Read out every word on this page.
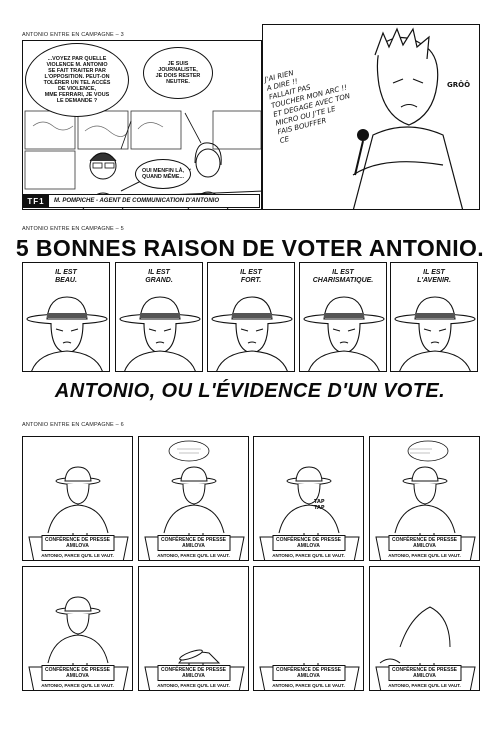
ANTONIO ENTRE EN CAMPAGNE – 3
...VOYEZ PAR QUELLE
VIOLENCE M. ANTONIO
SE FAIT TRAITER PAR
L'OPPOSITION. PEUT-ON
TOLÉRER UN TEL ACCÈS
DE VIOLENCE,
MME FERRARI, JE VOUS
LE DEMANDE ?
JE SUIS
JOURNALISTE,
JE DOIS RESTER
NEUTRE.
OUI MENFIN LÀ,
QUAND MÊME...
TF1	M. POMPICHE - AGENT DE COMMUNICATION D'ANTONIO
J'AI RIEN
A DIRE !!
FALLAIT PAS
TOUCHER MON ARC !!
ET DEGAGE AVEC TON
MICRO OU J'TE LE
FAIS BOUFFER
CE
GRÔÔ
ANTONIO ENTRE EN CAMPAGNE – 5
5 BONNES RAISON DE VOTER ANTONIO.
IL EST
BEAU.
IL EST
GRAND.
IL EST
FORT.
IL EST
CHARISMATIQUE.
IL EST
L'AVENIR.
ANTONIO, OU L'ÉVIDENCE D'UN VOTE.
ANTONIO ENTRE EN CAMPAGNE – 6
CONFÉRENCE DE PRESSE
AMILOVA
ANTONIO, PARCE QU'IL LE VAUT.
CONFÉRENCE DE PRESSE
AMILOVA
ANTONIO, PARCE QU'IL LE VAUT.
CONFÉRENCE DE PRESSE
AMILOVA
ANTONIO, PARCE QU'IL LE VAUT.
TAP
TAP
CONFÉRENCE DE PRESSE
AMILOVA
ANTONIO, PARCE QU'IL LE VAUT.
CONFÉRENCE DE PRESSE
AMILOVA
ANTONIO, PARCE QU'IL LE VAUT.
CONFÉRENCE DE PRESSE
AMILOVA
ANTONIO, PARCE QU'IL LE VAUT.
CONFÉRENCE DE PRESSE
AMILOVA
ANTONIO, PARCE QU'IL LE VAUT.
CONFÉRENCE DE PRESSE
AMILOVA
ANTONIO, PARCE QU'IL LE VAUT.
